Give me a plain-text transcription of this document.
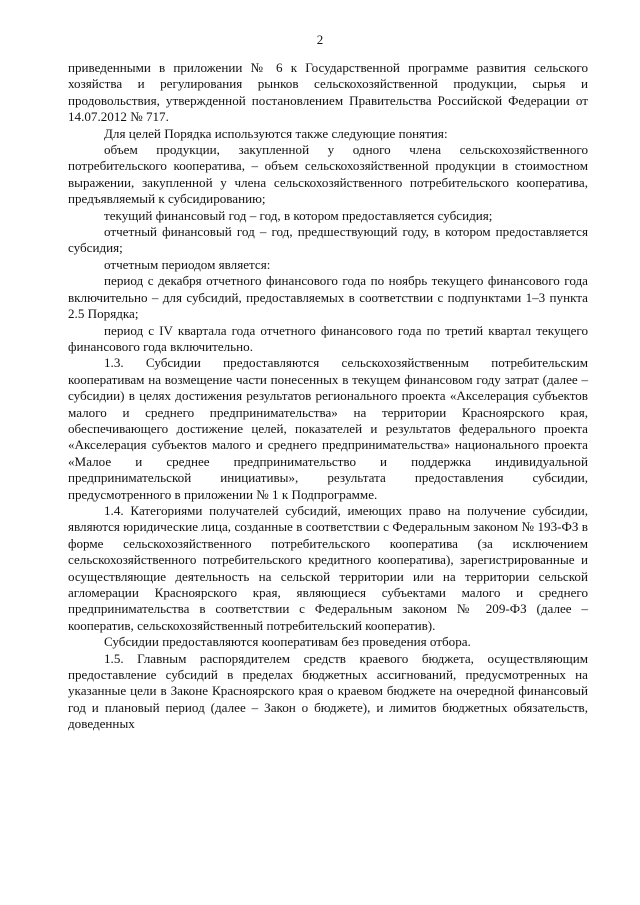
2

приведенными в приложении № 6 к Государственной программе развития сельского хозяйства и регулирования рынков сельскохозяйственной продукции, сырья и продовольствия, утвержденной постановлением Правительства Российской Федерации от 14.07.2012 № 717.

Для целей Порядка используются также следующие понятия:

объем продукции, закупленной у одного члена сельскохозяйственного потребительского кооператива, – объем сельскохозяйственной продукции в стоимостном выражении, закупленной у члена сельскохозяйственного потребительского кооператива, предъявляемый к субсидированию;

текущий финансовый год – год, в котором предоставляется субсидия;

отчетный финансовый год – год, предшествующий году, в котором предоставляется субсидия;

отчетным периодом является:

период с декабря отчетного финансового года по ноябрь текущего финансового года включительно – для субсидий, предоставляемых в соответствии с подпунктами 1–3 пункта 2.5 Порядка;

период с IV квартала года отчетного финансового года по третий квартал текущего финансового года включительно.

1.3. Субсидии предоставляются сельскохозяйственным потребительским кооперативам на возмещение части понесенных в текущем финансовом году затрат (далее – субсидии) в целях достижения результатов регионального проекта «Акселерация субъектов малого и среднего предпринимательства» на территории Красноярского края, обеспечивающего достижение целей, показателей и результатов федерального проекта «Акселерация субъектов малого и среднего предпринимательства» национального проекта «Малое и среднее предпринимательство и поддержка индивидуальной предпринимательской инициативы», результата предоставления субсидии, предусмотренного в приложении № 1 к Подпрограмме.

1.4. Категориями получателей субсидий, имеющих право на получение субсидии, являются юридические лица, созданные в соответствии с Федеральным законом № 193-ФЗ в форме сельскохозяйственного потребительского кооператива (за исключением сельскохозяйственного потребительского кредитного кооператива), зарегистрированные и осуществляющие деятельность на сельской территории или на территории сельской агломерации Красноярского края, являющиеся субъектами малого и среднего предпринимательства в соответствии с Федеральным законом № 209-ФЗ (далее – кооператив, сельскохозяйственный потребительский кооператив).

Субсидии предоставляются кооперативам без проведения отбора.

1.5. Главным распорядителем средств краевого бюджета, осуществляющим предоставление субсидий в пределах бюджетных ассигнований, предусмотренных на указанные цели в Законе Красноярского края о краевом бюджете на очередной финансовый год и плановый период (далее – Закон о бюджете), и лимитов бюджетных обязательств, доведенных
